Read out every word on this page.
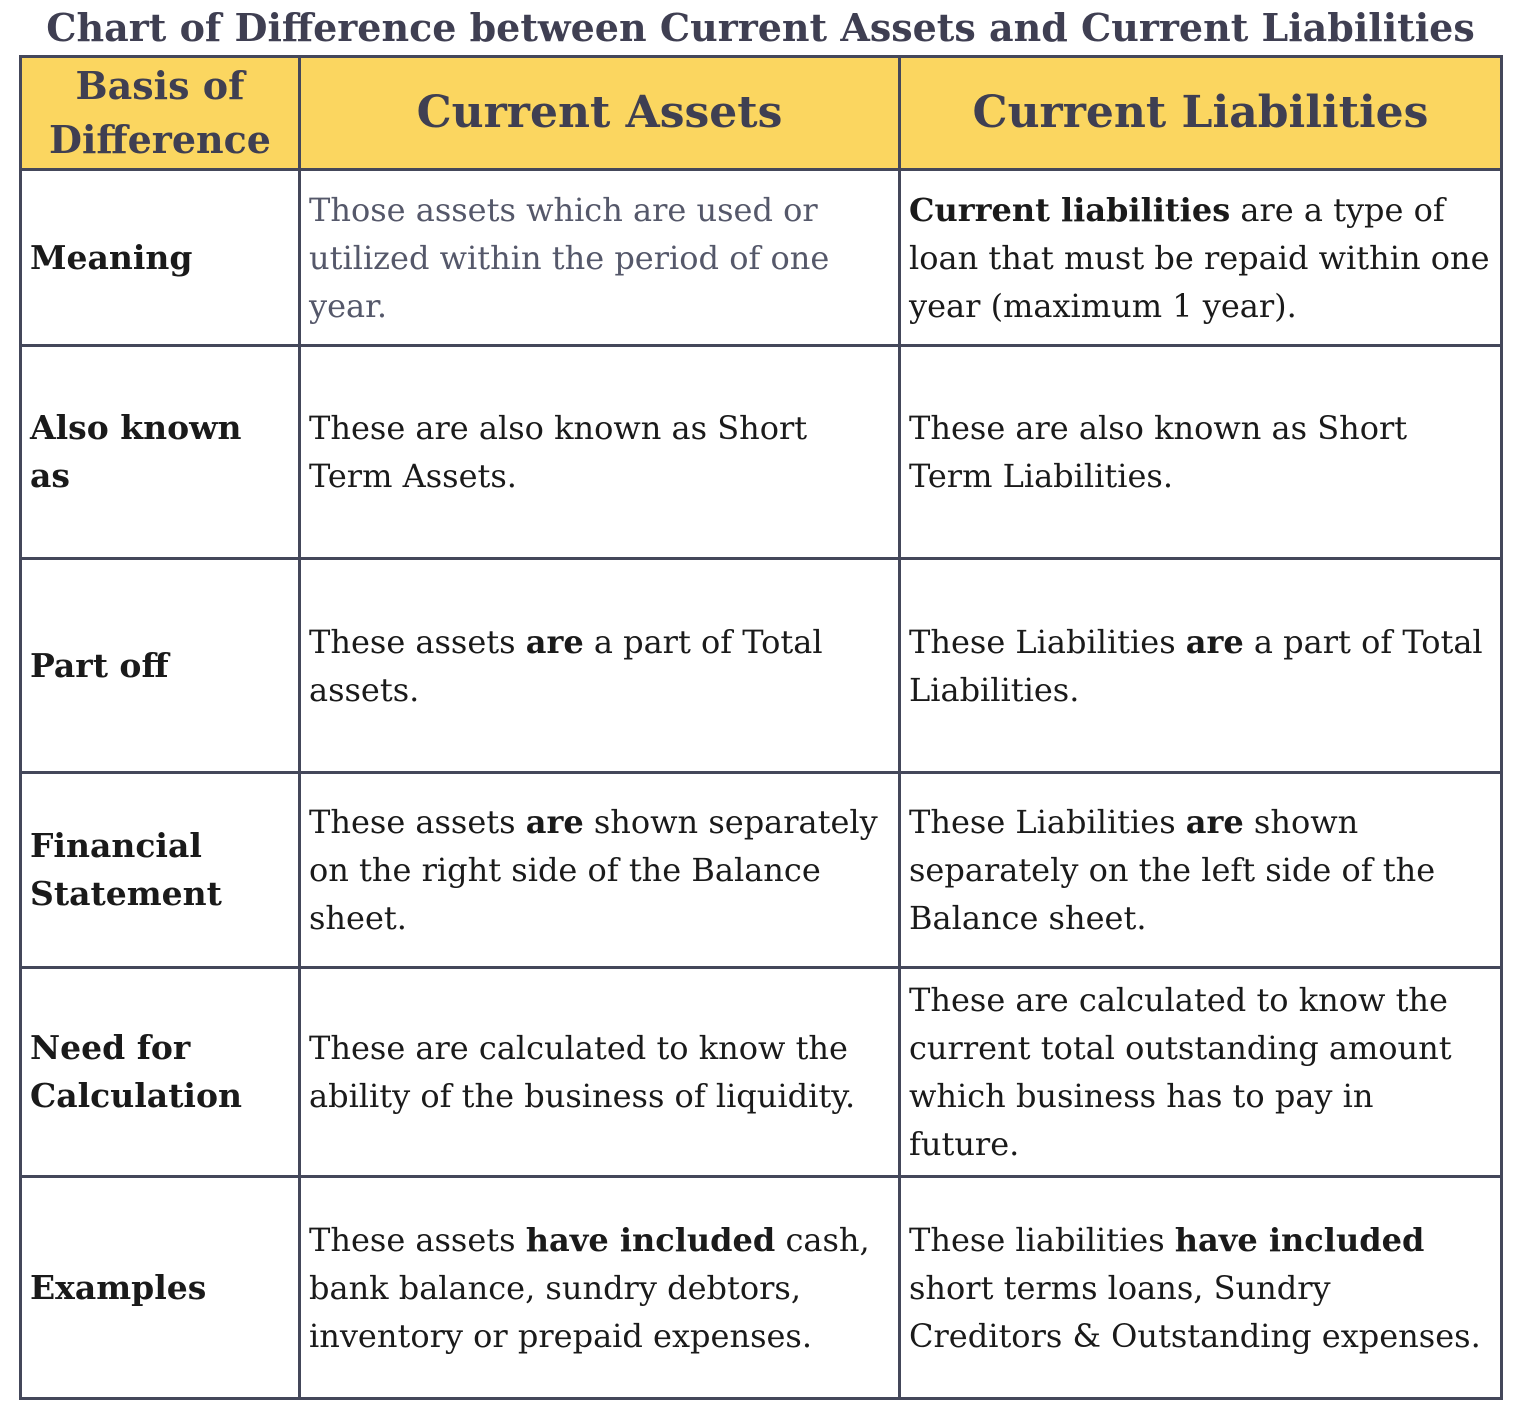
Chart of Difference between Current Assets and Current Liabilities
Basis of Difference	Current Assets	Current Liabilities
Meaning	Those assets which are used or utilized within the period of one year.	Current liabilities are a type of loan that must be repaid within one year (maximum 1 year).
Also known as	These are also known as Short Term Assets.	These are also known as Short Term Liabilities.
Part off	These assets are a part of Total assets.	These Liabilities are a part of Total Liabilities.
Financial Statement	These assets are shown separately on the right side of the Balance sheet.	These Liabilities are shown separately on the left side of the Balance sheet.
Need for Calculation	These are calculated to know the ability of the business of liquidity.	These are calculated to know the current total outstanding amount which business has to pay in future.
Examples	These assets have included cash, bank balance, sundry debtors, inventory or prepaid expenses.	These liabilities have included short terms loans, Sundry Creditors & Outstanding expenses.
